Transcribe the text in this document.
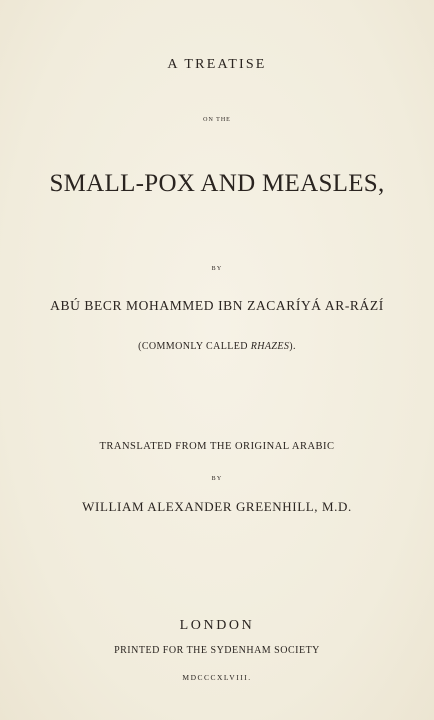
A TREATISE
ON THE
SMALL-POX AND MEASLES,
BY
ABÚ BECR MOHAMMED IBN ZACARÍYÁ AR-RÁZÍ
(COMMONLY CALLED RHAZES).
TRANSLATED FROM THE ORIGINAL ARABIC
BY
WILLIAM ALEXANDER GREENHILL, M.D.
LONDON
PRINTED FOR THE SYDENHAM SOCIETY
MDCCCXLVIII.
